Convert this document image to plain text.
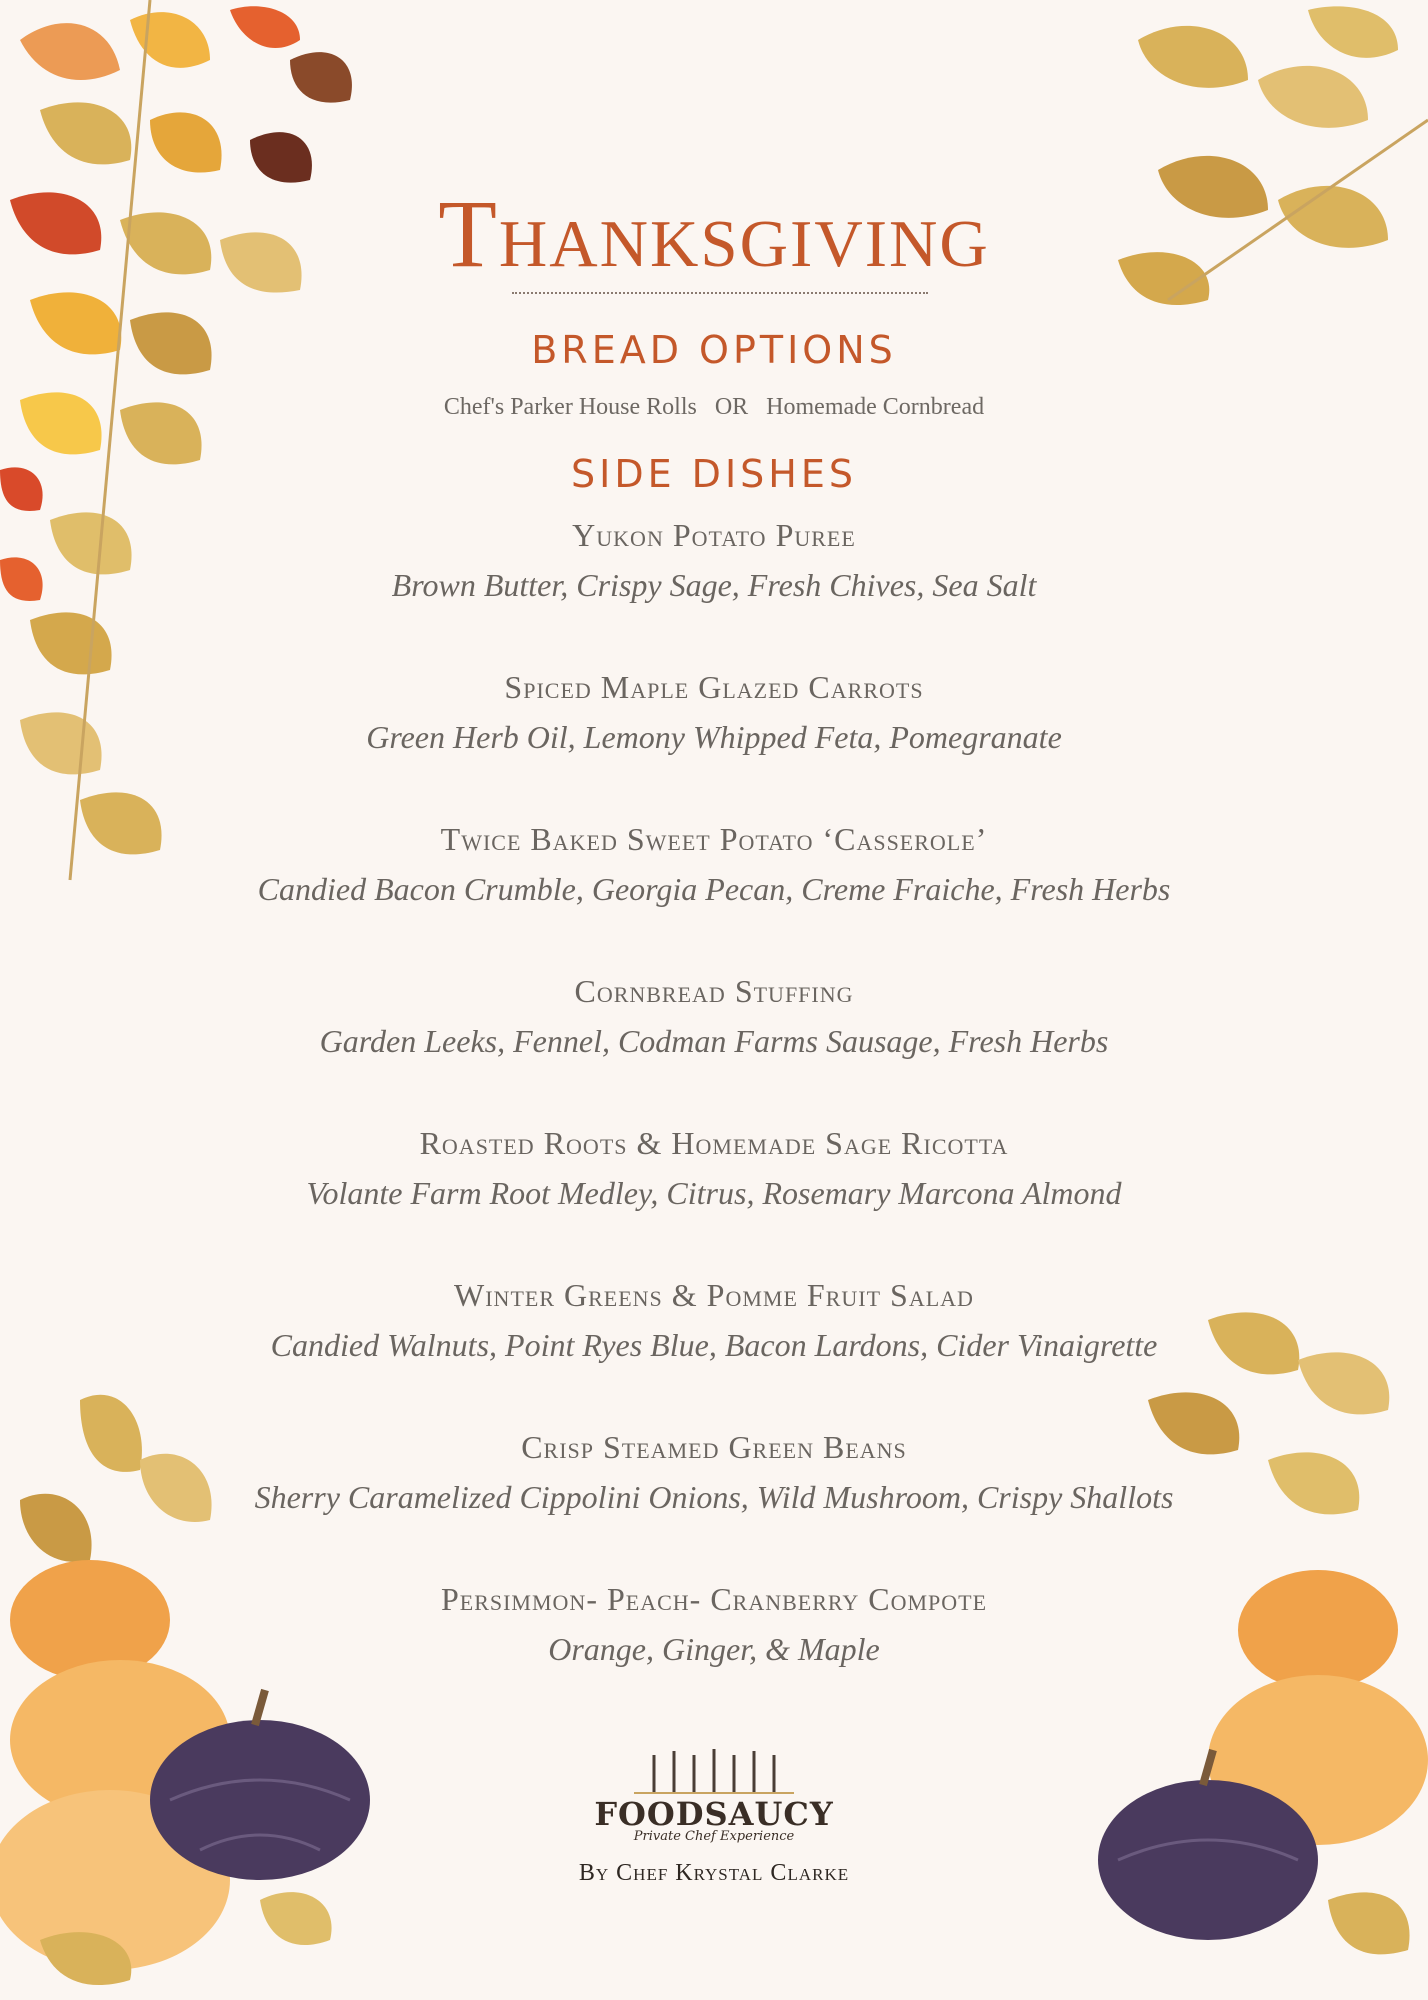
Thanksgiving
BREAD OPTIONS
Chef's Parker House Rolls   OR   Homemade Cornbread
SIDE DISHES
Yukon Potato Puree
Brown Butter, Crispy Sage, Fresh Chives, Sea Salt
Spiced Maple Glazed Carrots
Green Herb Oil, Lemony Whipped Feta, Pomegranate
Twice Baked Sweet Potato ‘Casserole’
Candied Bacon Crumble, Georgia Pecan, Creme Fraiche, Fresh Herbs
Cornbread Stuffing
Garden Leeks, Fennel, Codman Farms Sausage, Fresh Herbs
Roasted Roots & Homemade Sage Ricotta
Volante Farm Root Medley, Citrus, Rosemary Marcona Almond
Winter Greens & Pomme Fruit Salad
Candied Walnuts, Point Ryes Blue, Bacon Lardons, Cider Vinaigrette
Crisp Steamed Green Beans
Sherry Caramelized Cippolini Onions, Wild Mushroom, Crispy Shallots
Persimmon- Peach- Cranberry Compote
Orange, Ginger, & Maple
FOODSAUCY
Private Chef Experience
By Chef Krystal Clarke
